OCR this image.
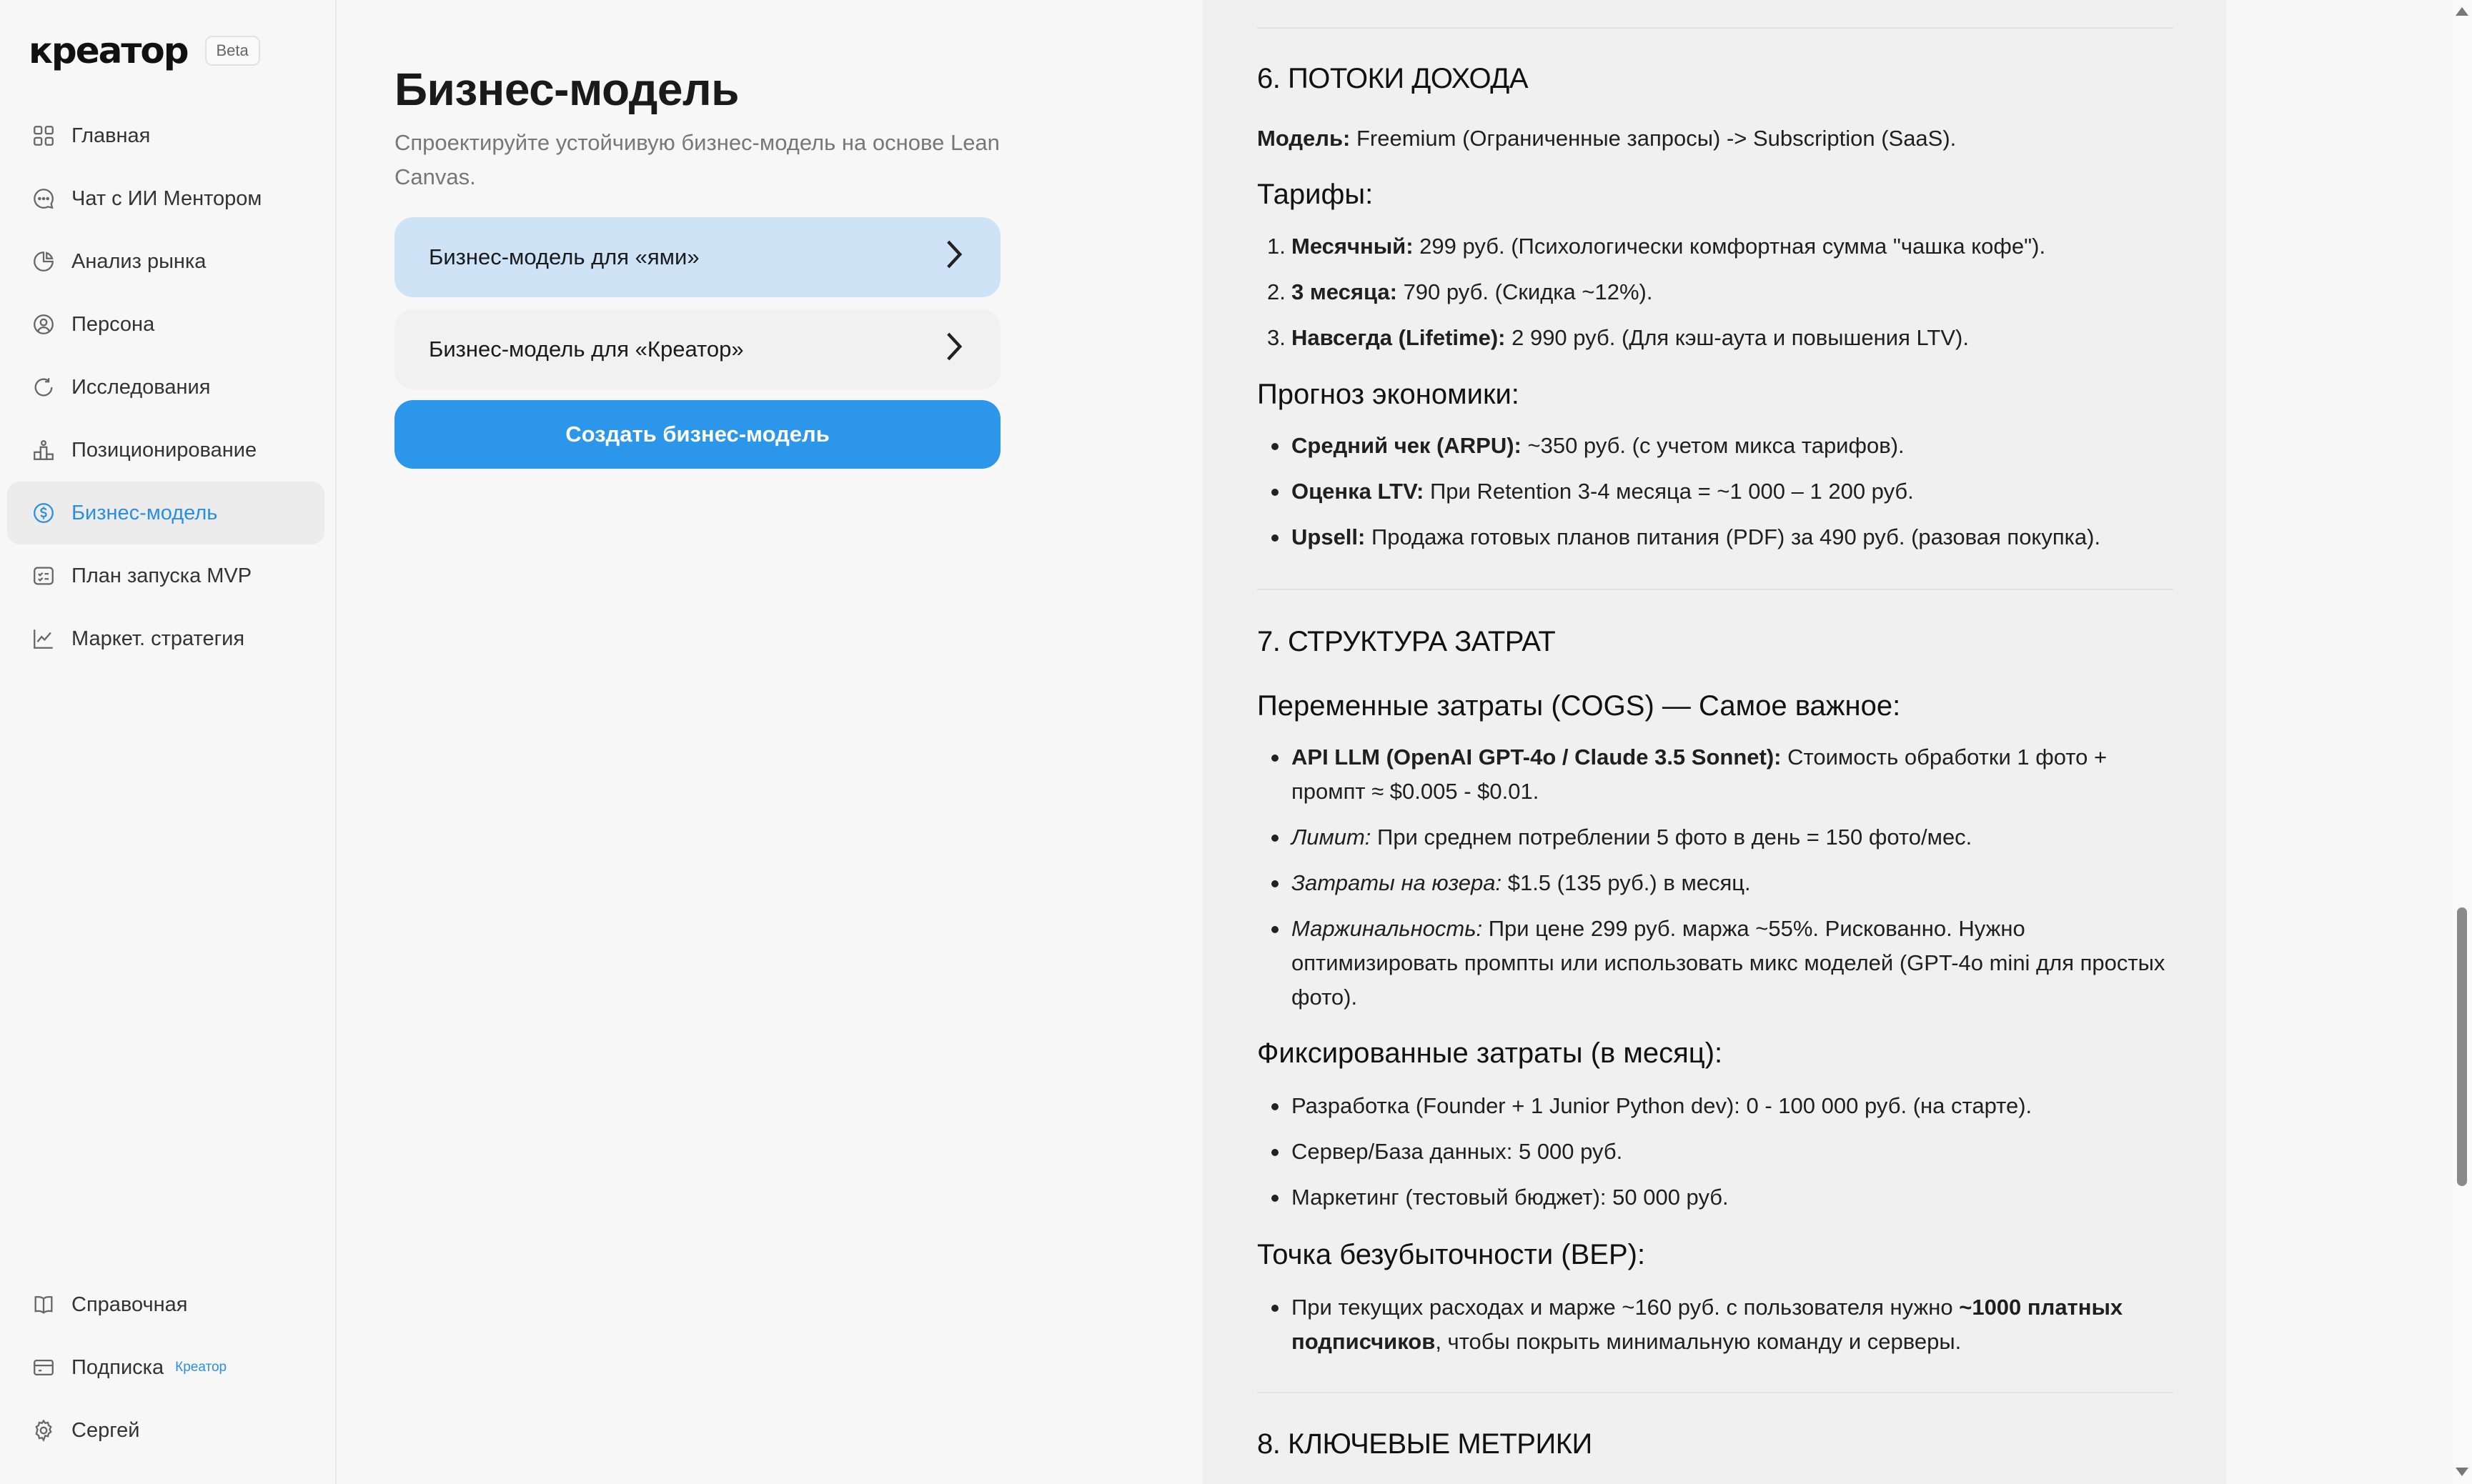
креатор	Beta
Главная
Чат с ИИ Ментором
Анализ рынка
Персона
Исследования
Позиционирование
Бизнес-модель
План запуска MVP
Маркет. стратегия
Справочная
Подписка Креатор
Сергей
Бизнес-модель
Спроектируйте устойчивую бизнес-модель на основе Lean Canvas.
Бизнес-модель для «ями»
Бизнес-модель для «Креатор»
Создать бизнес-модель
6. ПОТОКИ ДОХОДА
Модель: Freemium (Ограниченные запросы) -> Subscription (SaaS).
Тарифы:
1. Месячный: 299 руб. (Психологически комфортная сумма "чашка кофе").
2. 3 месяца: 790 руб. (Скидка ~12%).
3. Навсегда (Lifetime): 2 990 руб. (Для кэш-аута и повышения LTV).
Прогноз экономики:
Средний чек (ARPU): ~350 руб. (с учетом микса тарифов).
Оценка LTV: При Retention 3-4 месяца = ~1 000 – 1 200 руб.
Upsell: Продажа готовых планов питания (PDF) за 490 руб. (разовая покупка).
7. СТРУКТУРА ЗАТРАТ
Переменные затраты (COGS) — Самое важное:
API LLM (OpenAI GPT-4o / Claude 3.5 Sonnet): Стоимость обработки 1 фото + промпт ≈ $0.005 - $0.01.
Лимит: При среднем потреблении 5 фото в день = 150 фото/мес.
Затраты на юзера: $1.5 (135 руб.) в месяц.
Маржинальность: При цене 299 руб. маржа ~55%. Рискованно. Нужно оптимизировать промпты или использовать микс моделей (GPT-4o mini для простых фото).
Фиксированные затраты (в месяц):
Разработка (Founder + 1 Junior Python dev): 0 - 100 000 руб. (на старте).
Сервер/База данных: 5 000 руб.
Маркетинг (тестовый бюджет): 50 000 руб.
Точка безубыточности (BEP):
При текущих расходах и марже ~160 руб. с пользователя нужно ~1000 платных подписчиков, чтобы покрыть минимальную команду и серверы.
8. КЛЮЧЕВЫЕ МЕТРИКИ
